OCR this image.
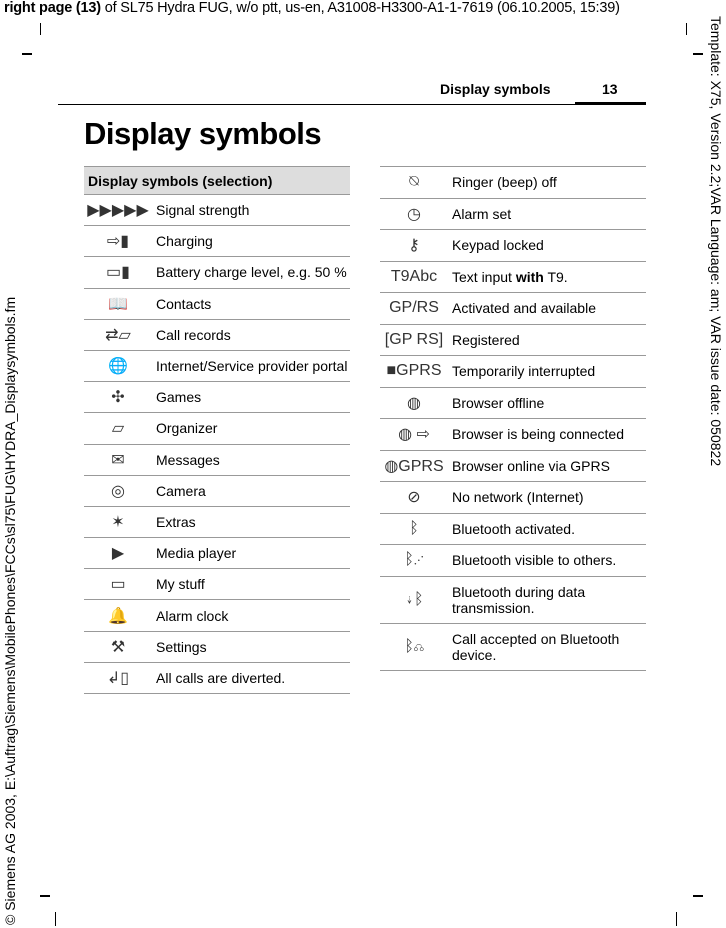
right page (13) of SL75 Hydra FUG, w/o ptt, us-en, A31008-H3300-A1-1-7619 (06.10.2005, 15:39)
© Siemens AG 2003, E:\Auftrag\Siemens\MobilePhones\FCCs\sl75\FUG\HYDRA_Displaysymbols.fm
Template: X75, Version 2.2;VAR Language: am; VAR issue date: 050822
Display symbols	13
Display symbols
Display symbols (selection)	
▶▶▶▶▶	Signal strength
⇨▮	Charging
▭▮	Battery charge level, e.g. 50 %
📖	Contacts
⇄▱	Call records
🌐	Internet/Service provider portal
✣	Games
▱	Organizer
✉	Messages
◎	Camera
✶	Extras
▶	Media player
▭	My stuff
🔔	Alarm clock
⚒	Settings
↲▯	All calls are diverted.
⍉	Ringer (beep) off
◷	Alarm set
⚷	Keypad locked
T9Abc	Text input with T9.
GP/RS	Activated and available
[GP RS]	Registered
■GPRS	Temporarily interrupted
◍	Browser offline
◍ ⇨	Browser is being connected
◍GPRS	Browser online via GPRS
⊘	No network (Internet)
ᛒ	Bluetooth activated.
ᛒ⋰	Bluetooth visible to others.
⇣ᛒ	Bluetooth during data transmission.
ᛒ☊	Call accepted on Bluetooth device.
